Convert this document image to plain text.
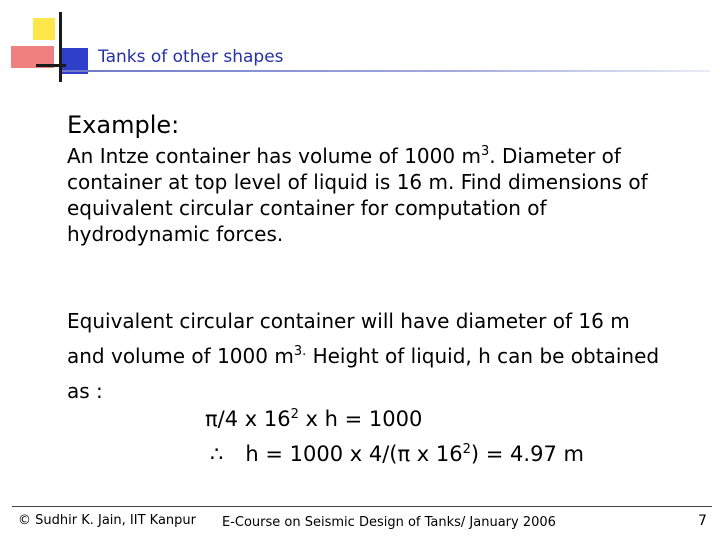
Tanks of other shapes
Example:
An Intze container has volume of 1000 $m^3$. Diameter of
container at top level of liquid is 16 m. Find dimensions of
equivalent circular container for computation of
hydrodynamic forces.
Equivalent circular container will have diameter of 16 m
and volume of 1000 $m^{3.}$ Height of liquid, h can be obtained
as :
π/4 x $16^2$ x h = 1000
∴ h = 1000 x 4/(π x $16^2) = 4.97$ m
© Sudhir K. Jain, IIT Kanpur E-Course on Seismic Design of Tanks/ January 2006	7
